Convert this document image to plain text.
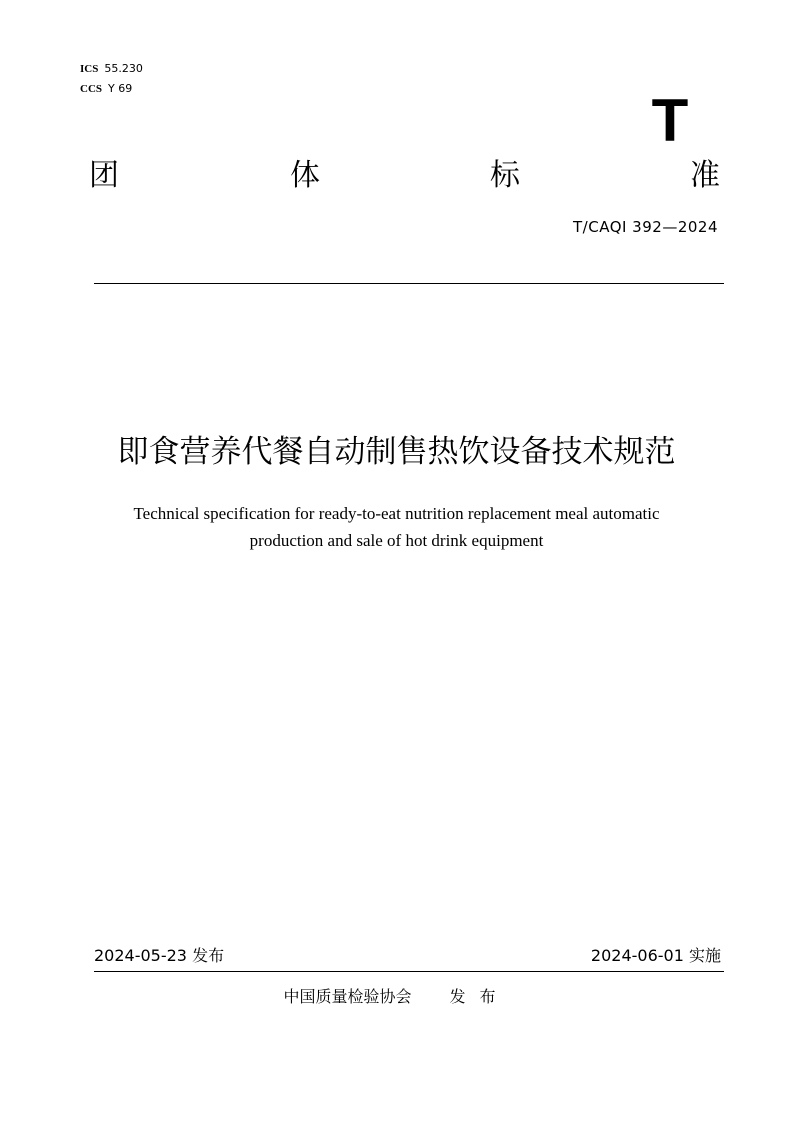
ICS 55.230
CCS Y 69	T
团	体	标	准
T/CAQI 392—2024
即食营养代餐自动制售热饮设备技术规范
Technical specification for ready-to-eat nutrition replacement meal automatic
production and sale of hot drink equipment
2024-05-23 发布	2024-06-01 实施
中国质量检验协会 发布
